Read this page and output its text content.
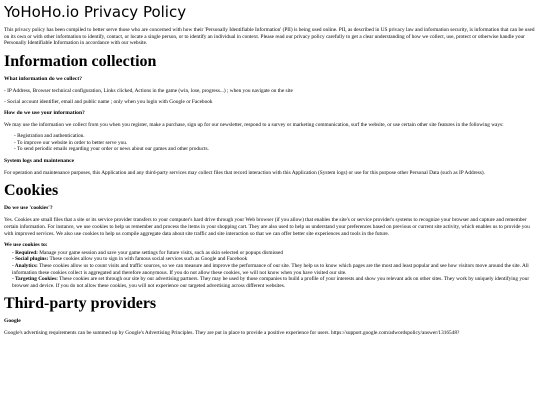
YoHoHo.io Privacy Policy

This privacy policy has been compiled to better serve those who are concerned with how their 'Personally Identifiable Information' (PII) is being used online. PII, as described in US privacy law and information security, is information that can be used on its own or with other information to identify, contact, or locate a single person, or to identify an individual in context. Please read our privacy policy carefully to get a clear understanding of how we collect, use, protect or otherwise handle your Personally Identifiable Information in accordance with our website.

Information collection
What information do we collect?

- IP Address, Browser technical configuration, Links clicked, Actions in the game (win, lose, progress...) ; when you navigate on the site

- Social account identifier, email and public name ; only when you login with Google or Facebook

How do we use your information?

We may use the information we collect from you when you register, make a purchase, sign up for our newsletter, respond to a survey or marketing communication, surf the website, or use certain other site features in the following ways:

- Registration and authentication.
- To improve our website in order to better serve you.
- To send periodic emails regarding your order or news about our games and other products.
System logs and maintenance

For operation and maintenance purposes, this Application and any third-party services may collect files that record interaction with this Application (System logs) or use for this purpose other Personal Data (such as IP Address).

Cookies
Do we use 'cookies'?

Yes. Cookies are small files that a site or its service provider transfers to your computer's hard drive through your Web browser (if you allow) that enables the site's or service provider's systems to recognize your browser and capture and remember certain information. For instance, we use cookies to help us remember and process the items in your shopping cart. They are also used to help us understand your preferences based on previous or current site activity, which enables us to provide you with improved services. We also use cookies to help us compile aggregate data about site traffic and site interaction so that we can offer better site experiences and tools in the future.

We use cookies to:
- Required: Manage your game session and save your game settings for future visits, such as skin selected or popups dismissed
- Social plugins: These cookies allow you to sign in with famous social services such as Google and Facebook
- Analytics: These cookies allow us to count visits and traffic sources, so we can measure and improve the performance of our site. They help us to know which pages are the most and least popular and see how visitors move around the site. All information these cookies collect is aggregated and therefore anonymous. If you do not allow these cookies, we will not know when you have visited our site.
- Targeting Cookies: These cookies are set through our site by our advertising partners. They may be used by those companies to build a profile of your interests and show you relevant ads on other sites. They work by uniquely identifying your browser and device. If you do not allow these cookies, you will not experience our targeted advertising across different websites.
Third-party providers
Google

Google's advertising requirements can be summed up by Google's Advertising Principles. They are put in place to provide a positive experience for users. https://support.google.com/adwordspolicy/answer/1316548?
